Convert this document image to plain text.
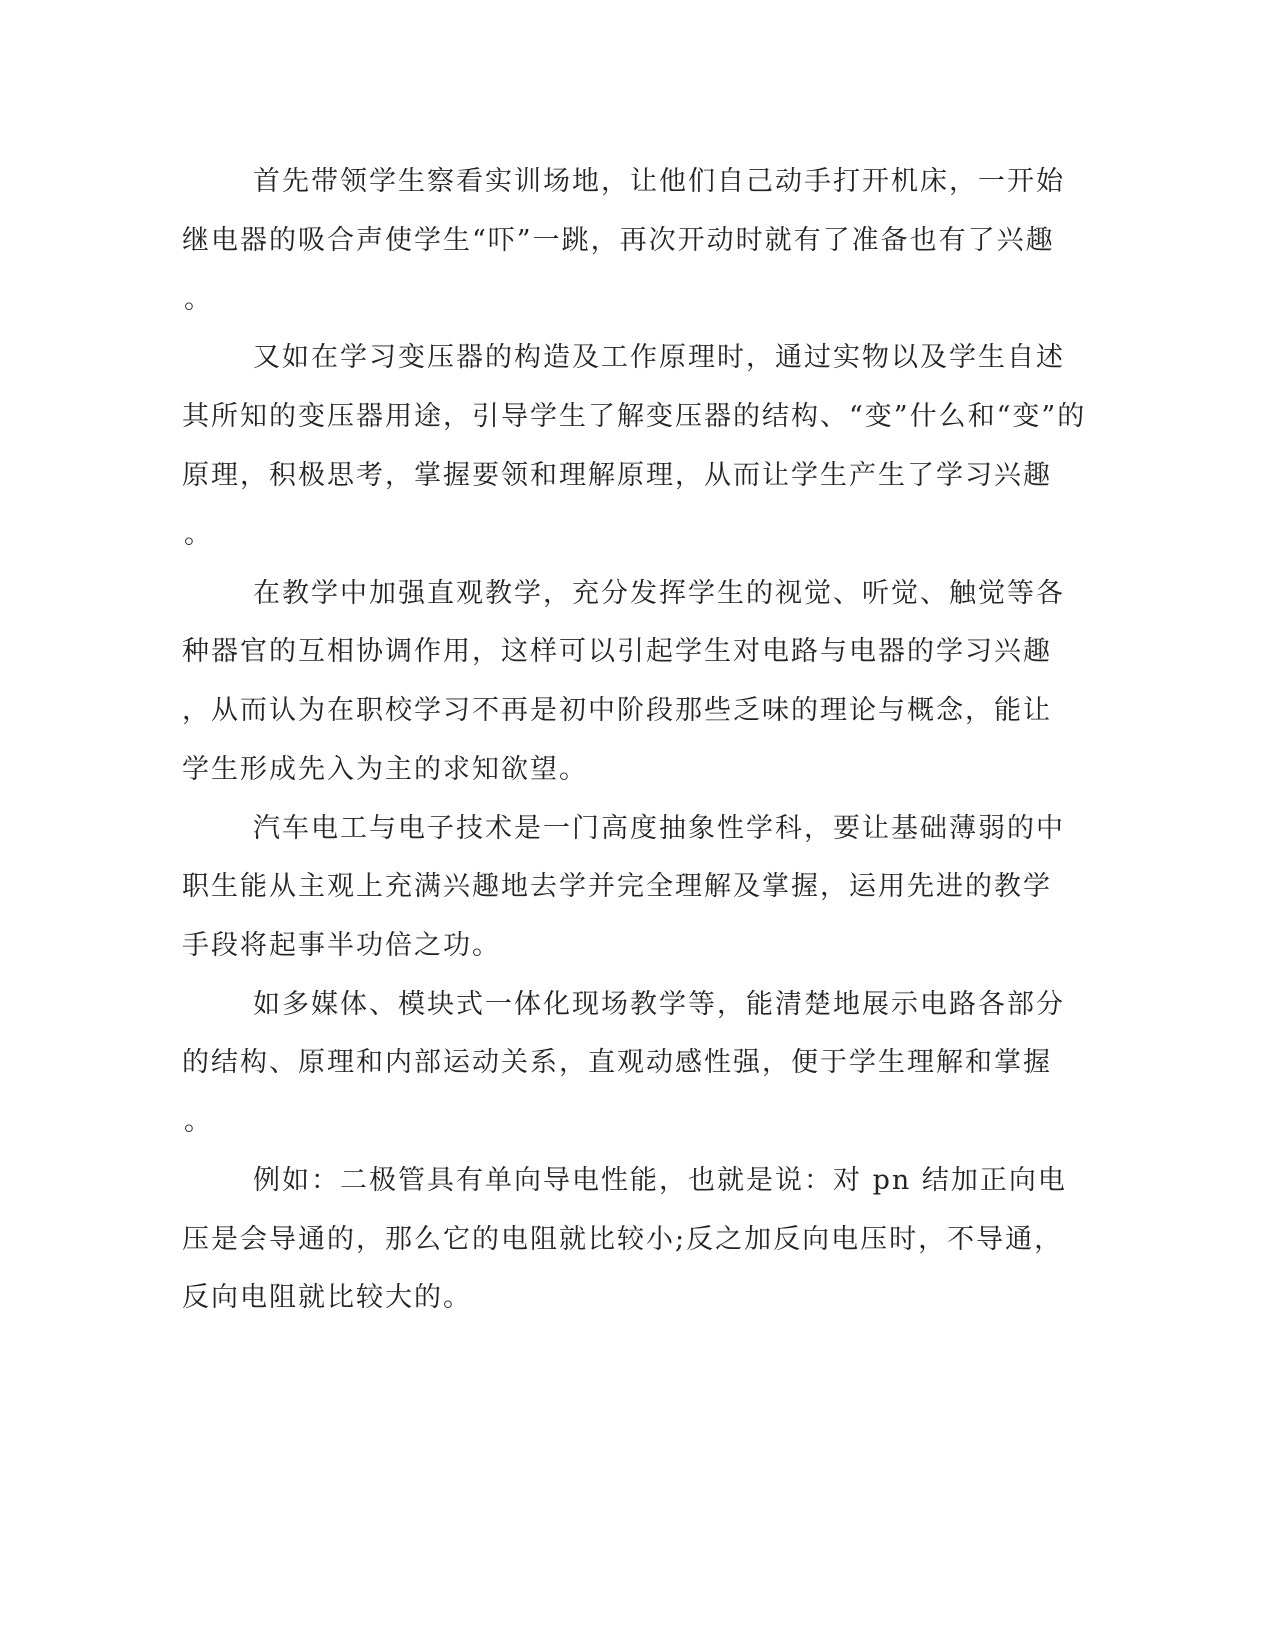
首先带领学生察看实训场地，让他们自己动手打开机床，一开始

继电器的吸合声使学生“吓”一跳，再次开动时就有了准备也有了兴趣

。

又如在学习变压器的构造及工作原理时，通过实物以及学生自述

其所知的变压器用途，引导学生了解变压器的结构、“变”什么和“变”的

原理，积极思考，掌握要领和理解原理，从而让学生产生了学习兴趣

。

在教学中加强直观教学，充分发挥学生的视觉、听觉、触觉等各

种器官的互相协调作用，这样可以引起学生对电路与电器的学习兴趣

，从而认为在职校学习不再是初中阶段那些乏味的理论与概念，能让

学生形成先入为主的求知欲望。

汽车电工与电子技术是一门高度抽象性学科，要让基础薄弱的中

职生能从主观上充满兴趣地去学并完全理解及掌握，运用先进的教学

手段将起事半功倍之功。

如多媒体、模块式一体化现场教学等，能清楚地展示电路各部分

的结构、原理和内部运动关系，直观动感性强，便于学生理解和掌握

。

例如：二极管具有单向导电性能，也就是说：对 pn 结加正向电

压是会导通的，那么它的电阻就比较小;反之加反向电压时，不导通，

反向电阻就比较大的。
